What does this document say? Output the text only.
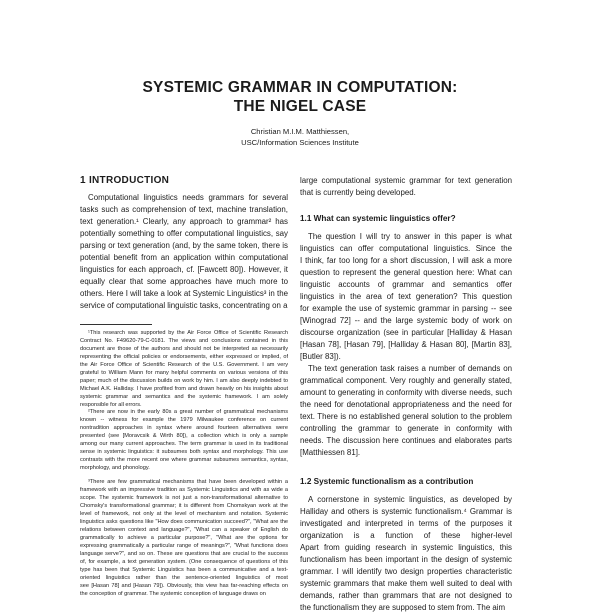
SYSTEMIC GRAMMAR IN COMPUTATION:
THE NIGEL CASE
Christian M.I.M. Matthiessen,
USC/Information Sciences Institute
1 INTRODUCTION
Computational linguistics needs grammars for several
tasks such as comprehension of text, machine translation,
text generation.¹ Clearly, any approach to grammar² has
potentially something to offer computational linguistics, say
parsing or text generation (and, by the same token, there is
potential benefit from an application within computational
linguistics for each approach, cf. [Fawcett 80]). However, it
equally clear that some approaches have much more to
others. Here I will take a look at Systemic Linguistics³ in the
service of computational linguistic tasks, concentrating on a
¹This research was supported by the Air Force Office of Scientific Research
Contract No. F49620-79-C-0181. The views and conclusions contained in this
document are those of the authors and should not be interpreted as necessarily
representing the official policies or endorsements, either expressed or implied, of
the Air Force Office of Scientific Research of the U.S. Government. I am very
grateful to William Mann for many helpful comments on various versions of this
paper; much of the discussion builds on work by him. I am also deeply indebted to
Michael A.K. Halliday. I have profited from and drawn heavily on his insights about
systemic grammar and semantics and the systemic framework. I am solely
responsible for all errors.
²There are now in the early 80s a great number of grammatical mechanisms
known -- witness for example the 1979 Milwaukee conference on current
nontradition approaches in syntax where around fourteen alternatives were
presented (see [Moravcsik & Wirth 80]), a collection which is only a sample
among our many current approaches. The term grammar is used in its traditional
sense in systemic linguistics: it subsumes both syntax and morphology. This use
contrasts with the more recent one where grammar subsumes semantics, syntax,
morphology, and phonology.
³There are few grammatical mechanisms that have been developed within a
framework with an impressive tradition as Systemic Linguistics and with as wide a
scope. The systemic framework is not just a non-transformational alternative to
Chomsky's transformational grammar; it is different from Chomskyan work at the
level of framework, not only at the level of mechanism and notation. Systemic
linguistics asks questions like "How does communication succeed?", "What are the
relations between context and language?", "What can a speaker of English do
grammatically to achieve a particular purpose?", "What are the options for
expressing grammatically a particular range of meanings?", "What functions does
language serve?", and so on. These are questions that are crucial to the success
of, for example, a text generation system. (One consequence of questions of this
type has been that Systemic Linguistics has been a communicative and a text-
oriented linguistics rather than the sentence-oriented linguistics of most
see [Hasan 78] and [Hasan 79]). Obviously, this view has far-reaching effects on
the conception of grammar. The systemic conception of language draws on
large computational systemic grammar for text generation
that is currently being developed.
1.1 What can systemic linguistics offer?
The question I will try to answer in this paper is what
linguistics can offer computational linguistics. Since the
I think, far too long for a short discussion, I will ask a more
question to represent the general question here: What can
linguistic accounts of grammar and semantics offer
linguistics in the area of text generation? This question
for example the use of systemic grammar in parsing -- see
[Winograd 72] -- and the large systemic body of work on
discourse organization (see in particular [Halliday & Hasan
[Hasan 78], [Hasan 79], [Halliday & Hasan 80], [Martin 83],
[Butler 83]).
The text generation task raises a number of demands on
grammatical component. Very roughly and generally stated,
amount to generating in conformity with diverse needs, such
the need for denotational appropriateness and the need for
text. There is no established general solution to the problem
controlling the grammar to generate in conformity with
needs. The discussion here continues and elaborates parts
[Matthiessen 81].
1.2 Systemic functionalism as a contribution
A cornerstone in systemic linguistics, as developed by
Halliday and others is systemic functionalism.⁴ Grammar is
investigated and interpreted in terms of the purposes it
organization is a function of these higher-level
Apart from guiding research in systemic linguistics, this
functionalism has been important in the design of systemic
grammar. I will identify two design properties characteristic
systemic grammars that make them well suited to deal with
demands, rather than grammars that are not designed to
the functionalism they are supposed to stem from. The aim
